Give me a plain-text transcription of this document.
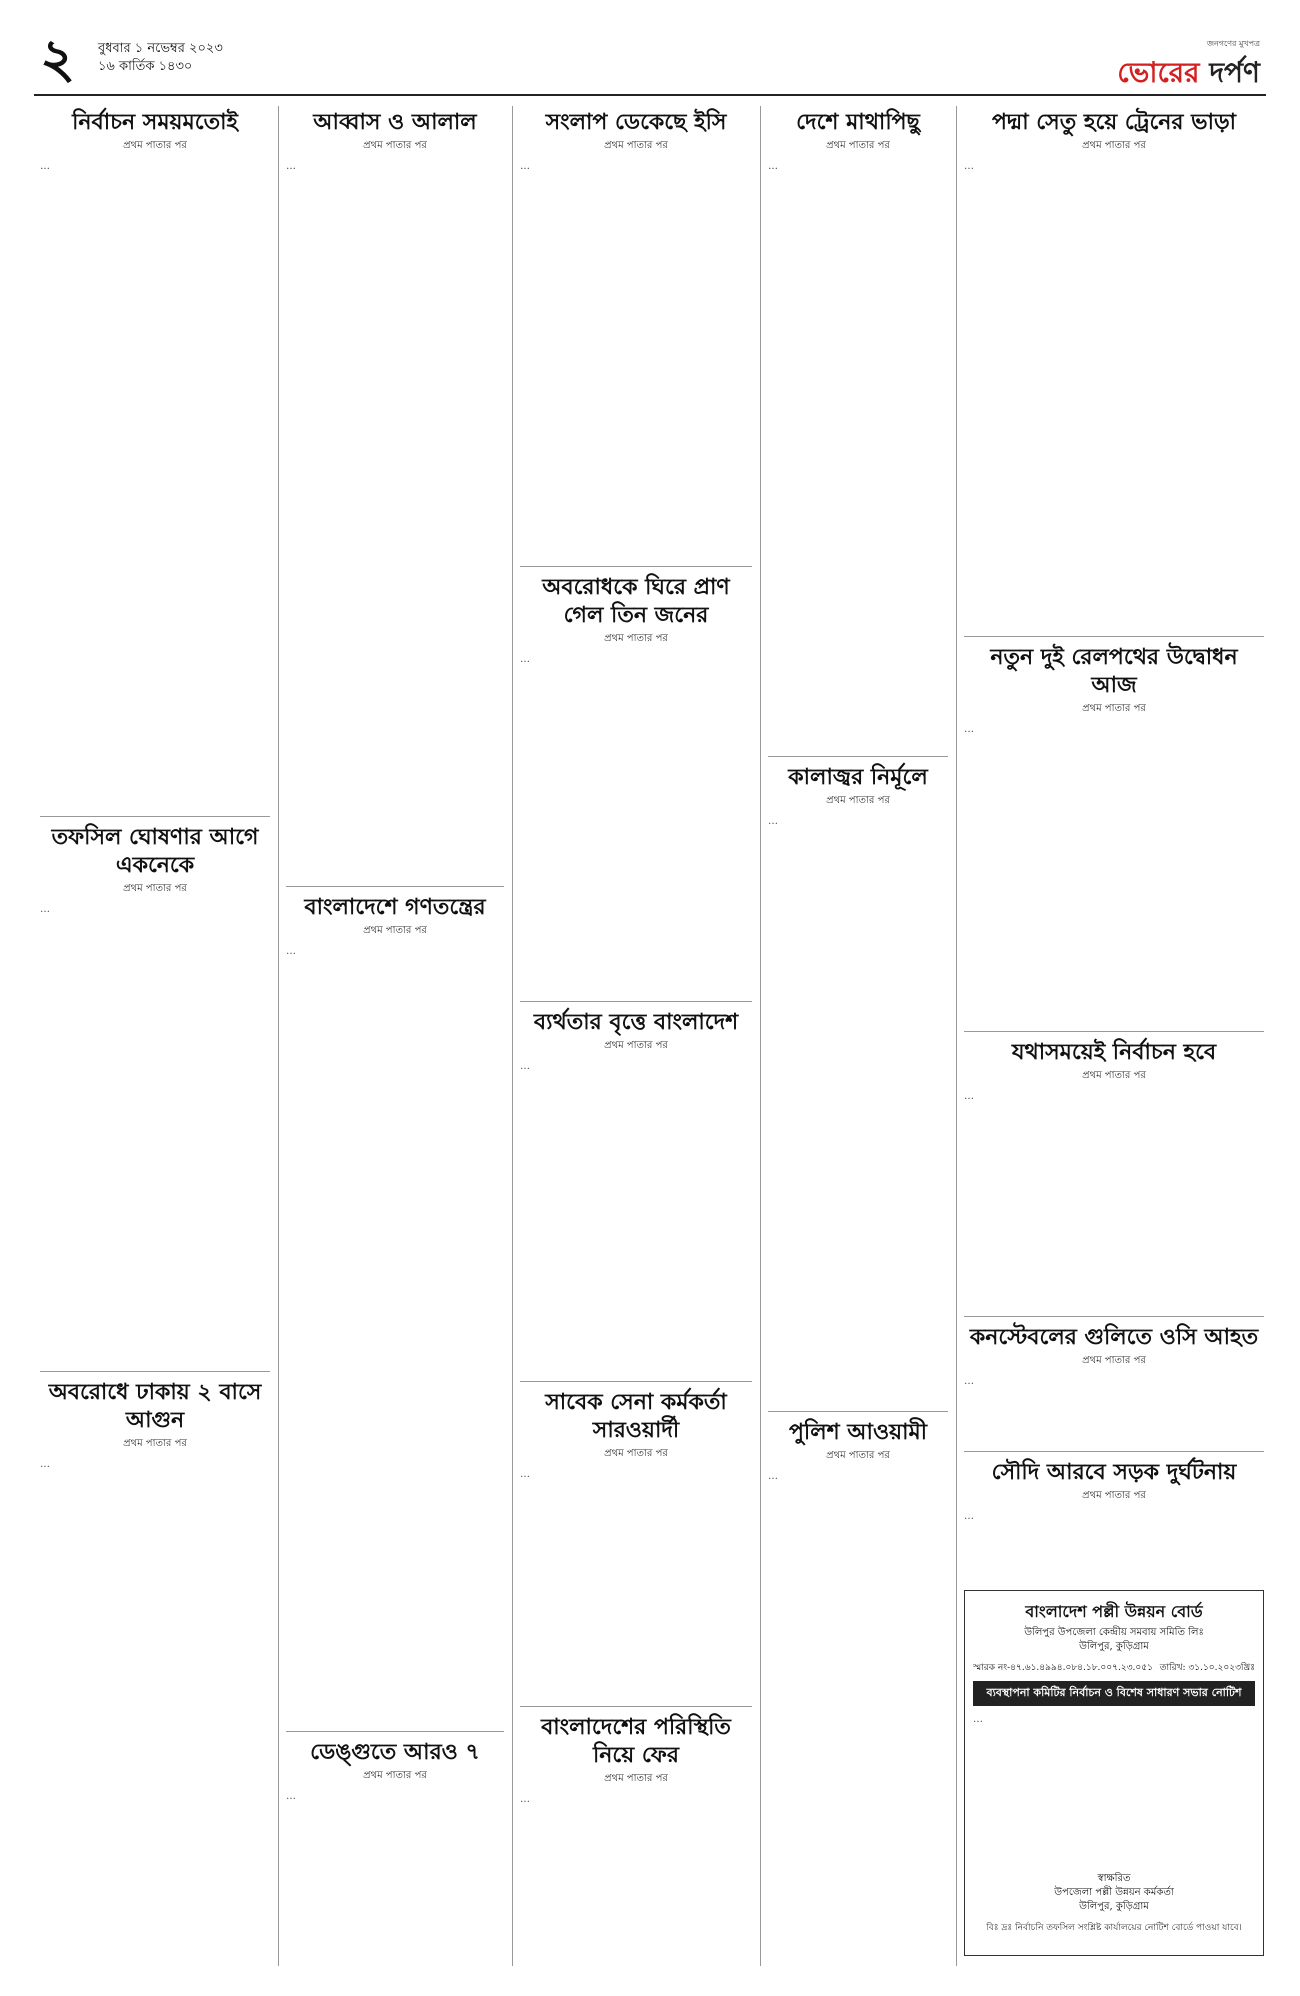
২ বুধবার ১ নভেম্বর ২০২৩
১৬ কার্তিক ১৪৩০
জনগণের মুখপত্র
ভোরের দর্পণ
নির্বাচন সময়মতোই
প্রথম পাতার পর
…
তফসিল ঘোষণার আগে একনেকে
প্রথম পাতার পর
…
অবরোধে ঢাকায় ২ বাসে আগুন
প্রথম পাতার পর
…
আব্বাস ও আলাল
প্রথম পাতার পর
…
বাংলাদেশে গণতন্ত্রের
প্রথম পাতার পর
…
ডেঙ্গুতে আরও ৭
প্রথম পাতার পর
…
সংলাপ ডেকেছে ইসি
প্রথম পাতার পর
…
অবরোধকে ঘিরে প্রাণ গেল তিন জনের
প্রথম পাতার পর
…
ব্যর্থতার বৃত্তে বাংলাদেশ
প্রথম পাতার পর
…
সাবেক সেনা কর্মকর্তা সারওয়ার্দী
প্রথম পাতার পর
…
বাংলাদেশের পরিস্থিতি নিয়ে ফের
প্রথম পাতার পর
…
দেশে মাথাপিছু
প্রথম পাতার পর
…
কালাজ্বর নির্মূলে
প্রথম পাতার পর
…
পুলিশ আওয়ামী
প্রথম পাতার পর
…
পদ্মা সেতু হয়ে ট্রেনের ভাড়া
প্রথম পাতার পর
…
নতুন দুই রেলপথের উদ্বোধন আজ
প্রথম পাতার পর
…
যথাসময়েই নির্বাচন হবে
প্রথম পাতার পর
…
কনস্টেবলের গুলিতে ওসি আহত
প্রথম পাতার পর
…
সৌদি আরবে সড়ক দুর্ঘটনায়
প্রথম পাতার পর
…
বাংলাদেশ পল্লী উন্নয়ন বোর্ড
উলিপুর উপজেলা কেন্দ্রীয় সমবায় সমিতি লিঃ
উলিপুর, কুড়িগ্রাম
স্মারক নং-৪৭.৬১.৪৯৯৪.০৮৪.১৮.০০৭.২৩.০৫১ তারিখ: ৩১.১০.২০২৩খ্রিঃ
ব্যবস্থাপনা কমিটির নির্বাচন ও বিশেষ সাধারণ সভার নোটিশ
…
স্বাক্ষরিত
উপজেলা পল্লী উন্নয়ন কর্মকর্তা
উলিপুর, কুড়িগ্রাম
বিঃ দ্রঃ নির্বাচনি তফসিল সংশ্লিষ্ট কার্যালয়ের নোটিশ বোর্ডে পাওয়া যাবে।
